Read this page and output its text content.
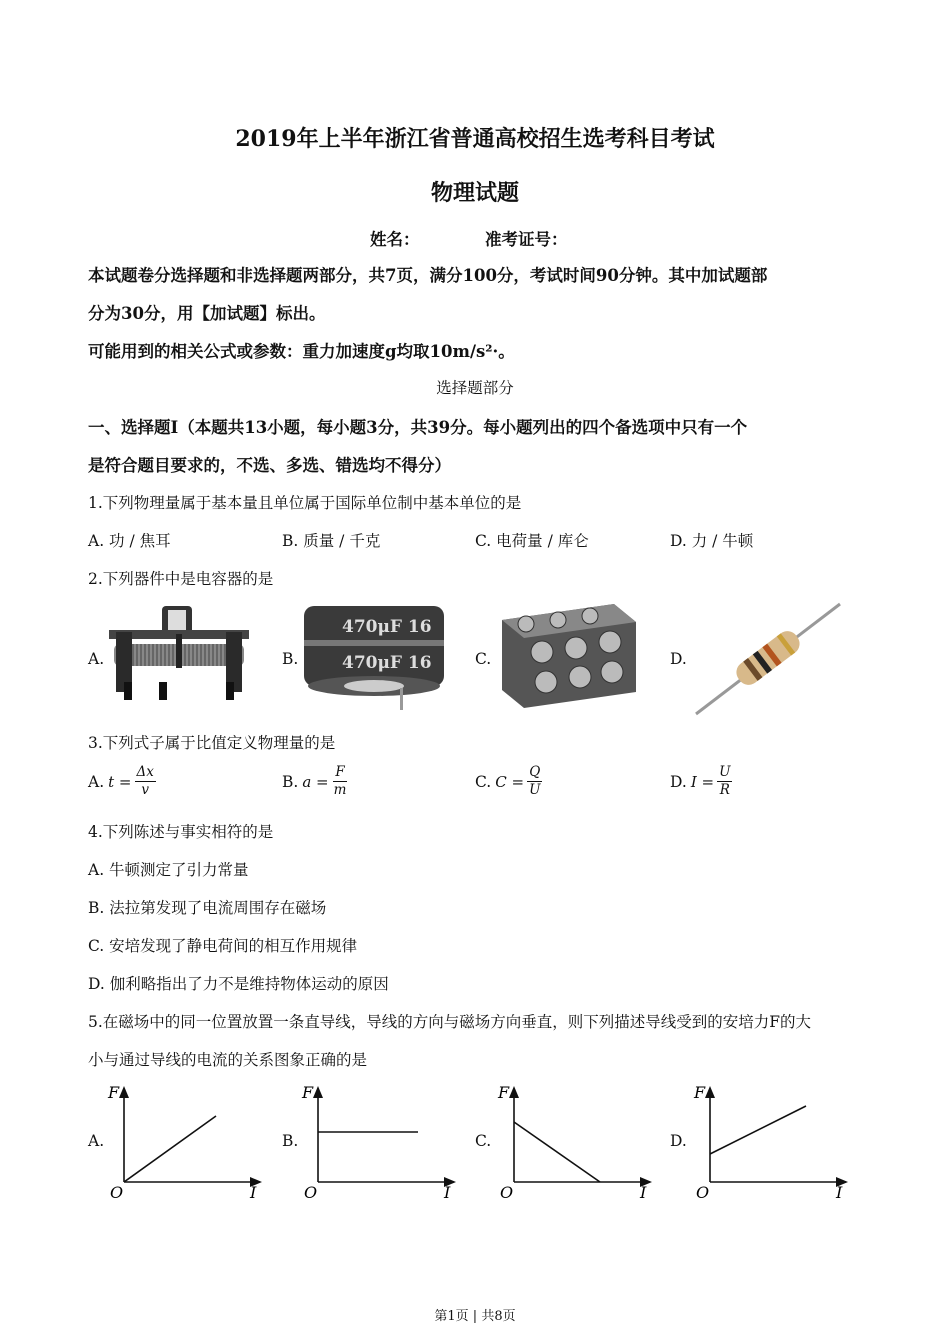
2019年上半年浙江省普通高校招生选考科目考试
物理试题
姓名：	准考证号：
本试题卷分选择题和非选择题两部分，共7页，满分100分，考试时间90分钟。其中加试题部
分为30分，用【加试题】标出。
可能用到的相关公式或参数：重力加速度g均取10m/s²·。
选择题部分
一、选择题Ⅰ（本题共13小题，每小题3分，共39分。每小题列出的四个备选项中只有一个
是符合题目要求的，不选、多选、错选均不得分）
1.下列物理量属于基本量且单位属于国际单位制中基本单位的是
A. 功 / 焦耳	B. 质量 / 千克	C. 电荷量 / 库仑	D. 力 / 牛顿
2.下列器件中是电容器的是
A.	B.	C.	D.
470μF 16
470μF 16
3.下列式子属于比值定义物理量的是
A. $t = \frac{\Delta x}{v}$	B. $a = \frac{F}{m}$	C. $C = \frac{Q}{U}$	D. $I = \frac{U}{R}$
4.下列陈述与事实相符的是
A. 牛顿测定了引力常量
B. 法拉第发现了电流周围存在磁场
C. 安培发现了静电荷间的相互作用规律
D. 伽利略指出了力不是维持物体运动的原因
5.在磁场中的同一位置放置一条直导线，导线的方向与磁场方向垂直，则下列描述导线受到的安培力F的大
小与通过导线的电流的关系图象正确的是
A.	B.	C.	D.
F
I
O
F
I
O
F
I
O
F
I
O
第1页 | 共8页
